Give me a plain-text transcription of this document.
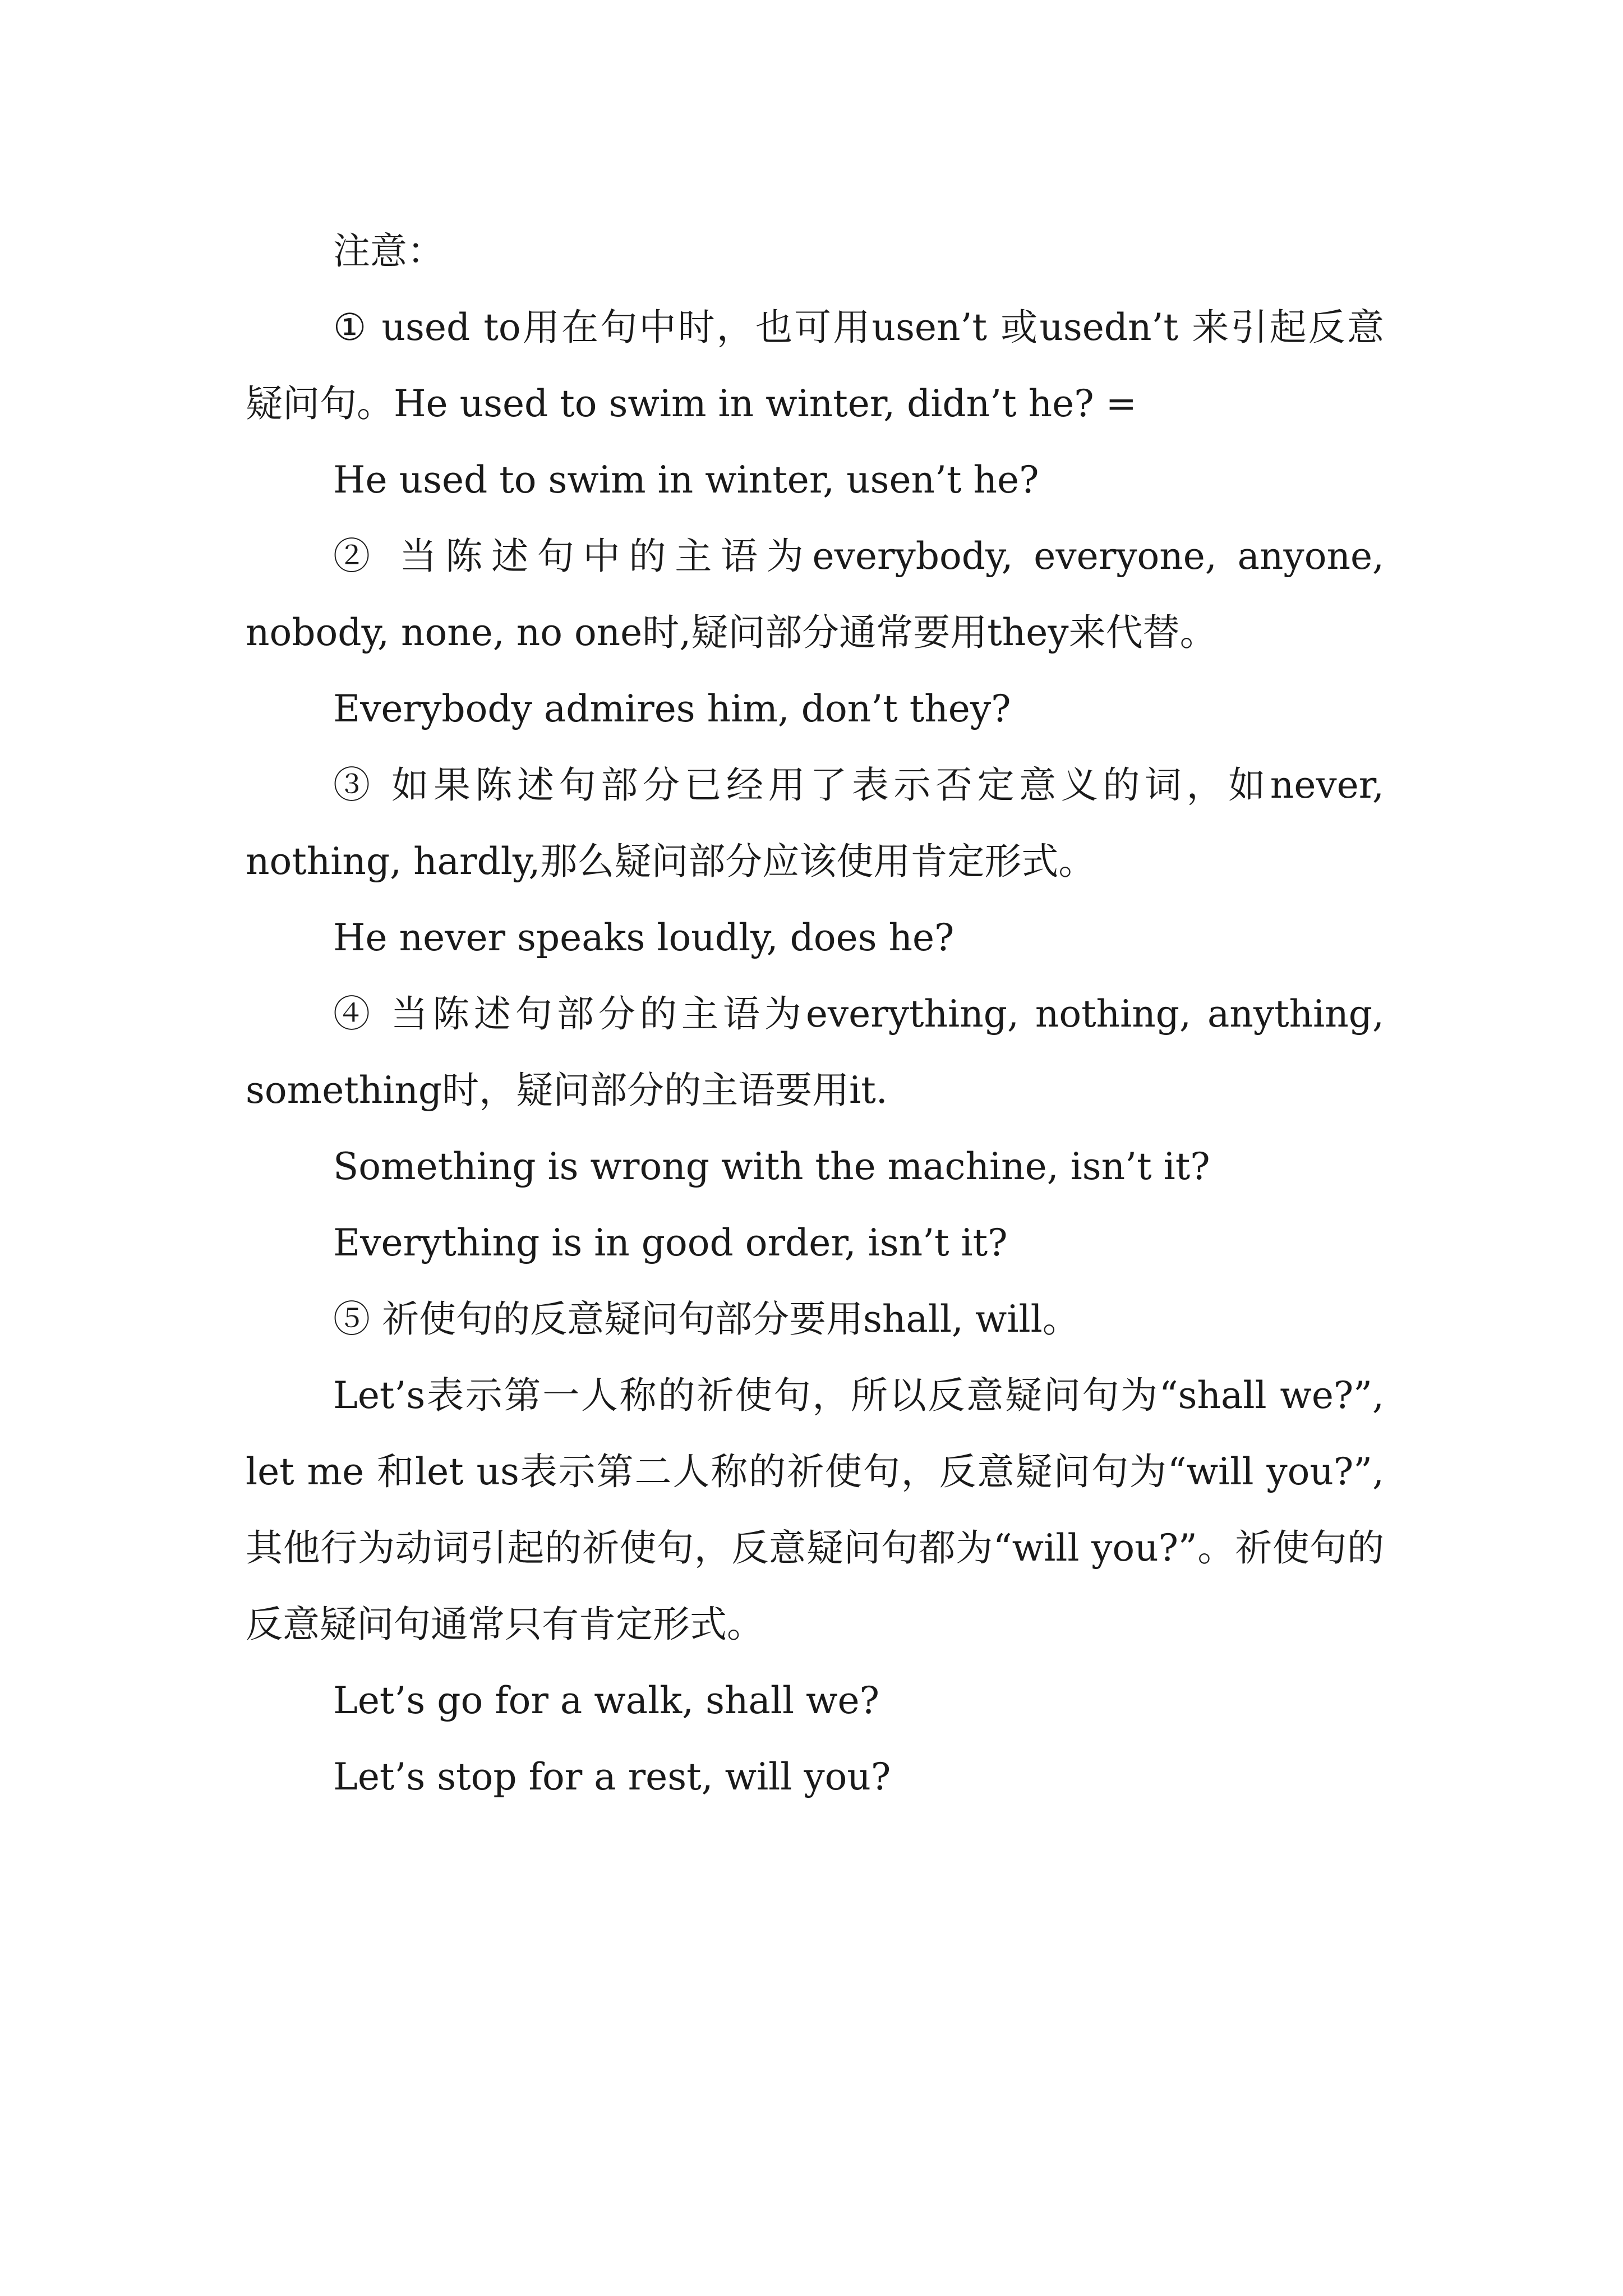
注意：

① used to用在句中时，也可用usen’t 或usedn’t 来引起反意疑问句。He used to swim in winter, didn’t he? =

He used to swim in winter, usen’t he?

② 当陈述句中的主语为everybody, everyone, anyone, nobody, none, no one时,疑问部分通常要用they来代替。

Everybody admires him, don’t they?

③ 如果陈述句部分已经用了表示否定意义的词，如never, nothing, hardly,那么疑问部分应该使用肯定形式。

He never speaks loudly, does he?

④ 当陈述句部分的主语为everything, nothing, anything, something时，疑问部分的主语要用it.

Something is wrong with the machine, isn’t it?

Everything is in good order, isn’t it?

⑤ 祈使句的反意疑问句部分要用shall, will。

Let’s表示第一人称的祈使句，所以反意疑问句为“shall we?”, let me 和let us表示第二人称的祈使句，反意疑问句为“will you?”, 其他行为动词引起的祈使句，反意疑问句都为“will you?”。祈使句的反意疑问句通常只有肯定形式。

Let’s go for a walk, shall we?

Let’s stop for a rest, will you?
